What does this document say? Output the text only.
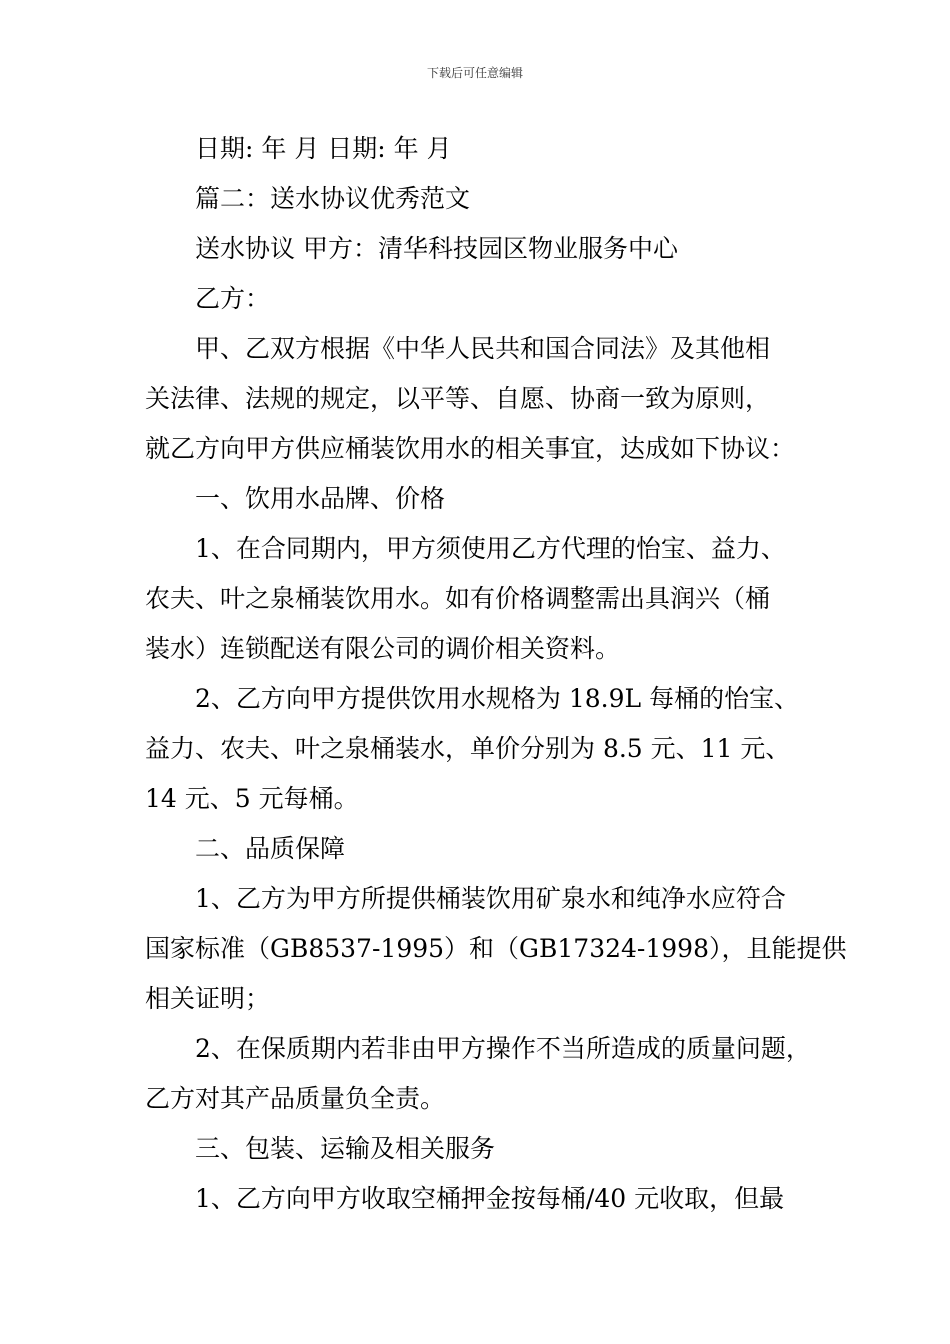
下载后可任意编辑
日期: 年 月 日期: 年 月
篇二：送水协议优秀范文
送水协议 甲方：清华科技园区物业服务中心
乙方：
甲、乙双方根据《中华人民共和国合同法》及其他相
关法律、法规的规定，以平等、自愿、协商一致为原则，
就乙方向甲方供应桶装饮用水的相关事宜，达成如下协议：
一、饮用水品牌、价格
1、在合同期内，甲方须使用乙方代理的怡宝、益力、
农夫、叶之泉桶装饮用水。如有价格调整需出具润兴（桶
装水）连锁配送有限公司的调价相关资料。
2、乙方向甲方提供饮用水规格为 18.9L 每桶的怡宝、
益力、农夫、叶之泉桶装水，单价分别为 8.5 元、11 元、
14 元、5 元每桶。
二、品质保障
1、乙方为甲方所提供桶装饮用矿泉水和纯净水应符合
国家标准（GB8537-1995）和（GB17324-1998），且能提供
相关证明；
2、在保质期内若非由甲方操作不当所造成的质量问题，
乙方对其产品质量负全责。
三、包装、运输及相关服务
1、乙方向甲方收取空桶押金按每桶/40 元收取，但最
